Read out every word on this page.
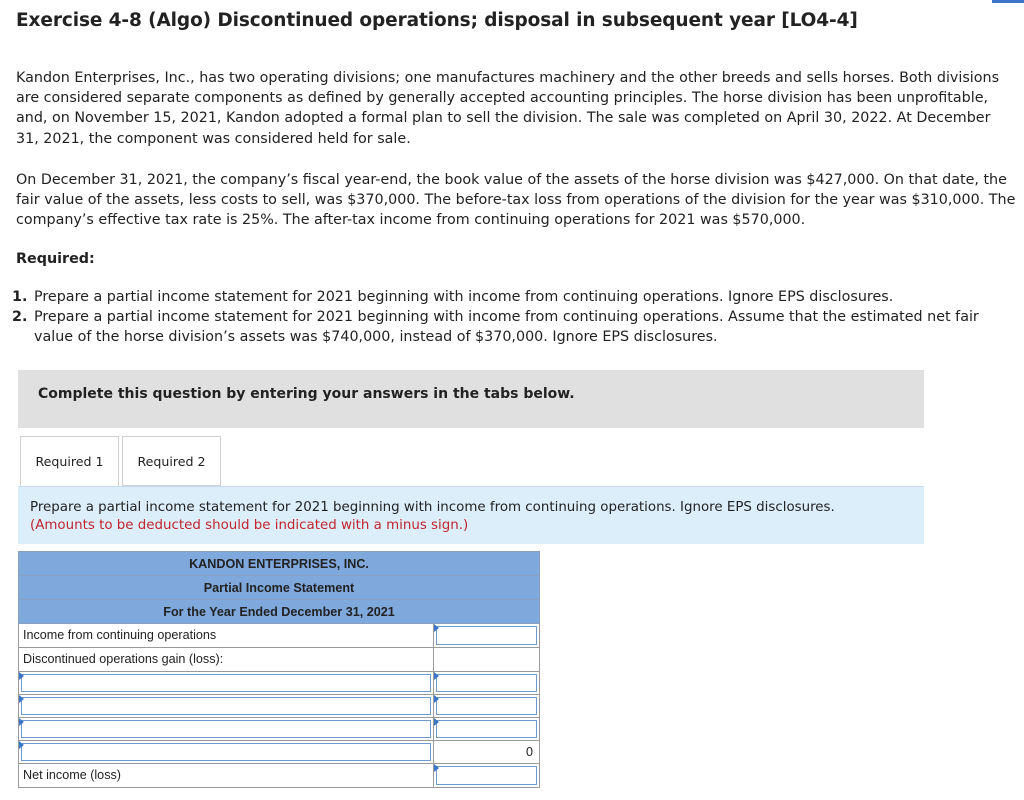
Exercise 4-8 (Algo) Discontinued operations; disposal in subsequent year [LO4-4]

Kandon Enterprises, Inc., has two operating divisions; one manufactures machinery and the other breeds and sells horses. Both divisions are considered separate components as defined by generally accepted accounting principles. The horse division has been unprofitable, and, on November 15, 2021, Kandon adopted a formal plan to sell the division. The sale was completed on April 30, 2022. At December 31, 2021, the component was considered held for sale.

On December 31, 2021, the company’s fiscal year-end, the book value of the assets of the horse division was $427,000. On that date, the fair value of the assets, less costs to sell, was $370,000. The before-tax loss from operations of the division for the year was $310,000. The company’s effective tax rate is 25%. The after-tax income from continuing operations for 2021 was $570,000.

Required:

1. Prepare a partial income statement for 2021 beginning with income from continuing operations. Ignore EPS disclosures.
2. Prepare a partial income statement for 2021 beginning with income from continuing operations. Assume that the estimated net fair value of the horse division’s assets was $740,000, instead of $370,000. Ignore EPS disclosures.
Complete this question by entering your answers in the tabs below.
Required 1	Required 2
Prepare a partial income statement for 2021 beginning with income from continuing operations. Ignore EPS disclosures.
(Amounts to be deducted should be indicated with a minus sign.)
KANDON ENTERPRISES, INC.	
Partial Income Statement	
For the Year Ended December 31, 2021	
Income from continuing operations	

Discontinued operations gain (loss):	

	0

Net income (loss)	
